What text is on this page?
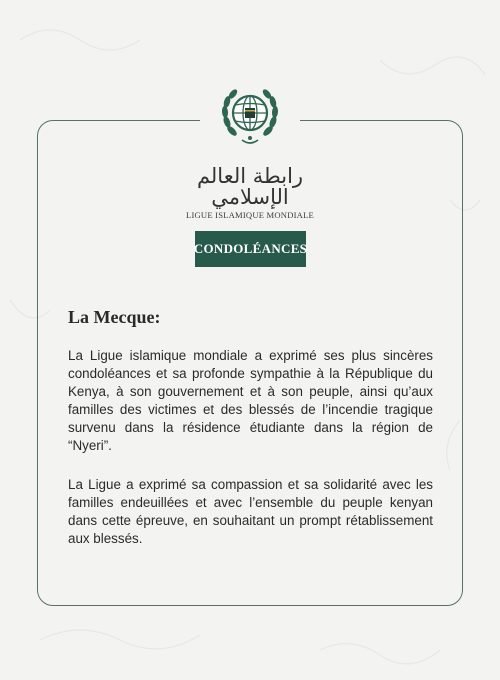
رابطة العالم الإسلامي
LIGUE ISLAMIQUE MONDIALE
CONDOLÉANCES
La Mecque:

La Ligue islamique mondiale a exprimé ses plus sincères condoléances et sa profonde sympathie à la République du Kenya, à son gouvernement et à son peuple, ainsi qu’aux familles des victimes et des blessés de l’incendie tragique survenu dans la résidence étudiante dans la région de “Nyeri”.

La Ligue a exprimé sa compassion et sa solidarité avec les familles endeuillées et avec l’ensemble du peuple kenyan dans cette épreuve, en souhaitant un prompt rétablissement aux blessés.
